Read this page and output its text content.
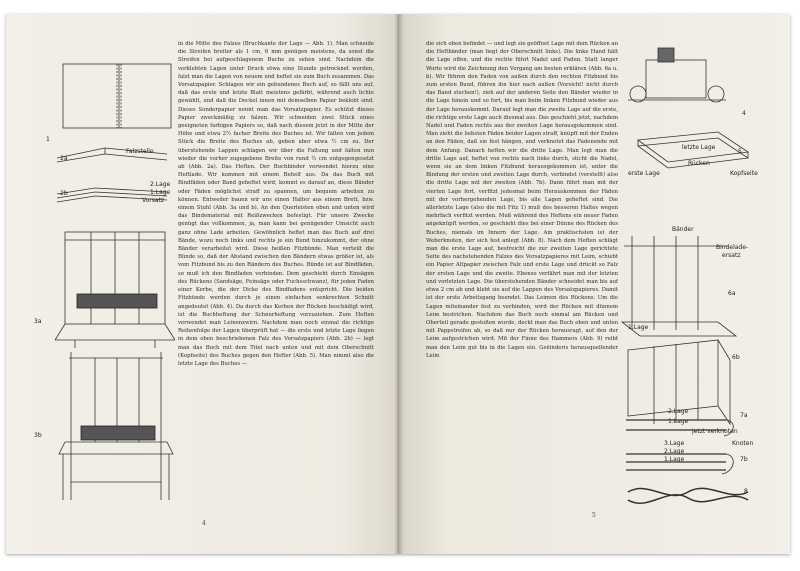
in die Mitte des Falzes (Bruchkante der Lage — Abb. 1). Man schneide die Streifen breiter als 1 cm, 6 mm genügen meistens, da sonst die Streifen bei aufgeschlagenem Buche zu sehen sind. Nachdem die verklebten Lagen unter Druck etwa eine Stunde getrocknet werden, falzt man die Lagen von neuem und heftet sie zum Buch zusammen. Das Vorsatzpapier. Schlagen wir ein gebundenes Buch auf, so fällt uns auf, daß das erste und letzte Blatt meistens gefärbt, während auch lichte gewählt, und daß die Deckel innen mit demselben Papier beklebt sind. Dieses Sonderpapier nennt man das Vorsatzpapier. Es schützt dieses Papier zweckmäßig zu falzen. Wir schneiden zwei Stück eines geeigneten farbigen Papiers so, daß nach diesem jetzt in der Mitte der Höhe und etwa 2½ facher Breite des Buches ist. Wir falten von jedem Stück die Breite des Buches ab, geben aber etwa ½ cm zu. Der überstehende Lappen schlagen wir über die Faltung und falten nun wieder die vorher zugegebene Breite von rund ½ cm entgegengesetzt ab (Abb. 2a). Das Heften. Der Buchbinder verwendet hierzu eine Heftlade. Wir kommen mit einem Behelf aus. Da das Buch mit Bindfäden oder Band geheftet wird, kommt es darauf an, diese Bänder oder Fäden möglichst straff zu spannen, um bequem arbeiten zu können. Entweder bauen wir uns einen Halter aus einem Brett, bzw. einem Stuhl (Abb. 3a und b). An den Querleisten oben und unten wird das Bindematerial mit Reißzwecken befestigt. Für unsere Zwecke genügt das vollkommen, ja, man kann bei genügender Umsicht auch ganz ohne Lade arbeiten. Gewöhnlich heftet man das Buch auf drei Bände, wozu noch links und rechts je ein Bund hinzukommt, der ohne Bänder verarbeitet wird. Diese heißen Fitzbünde. Man verteilt die Bünde so, daß der Abstand zwischen den Bändern etwas größer ist, als vom Fitzbund bis zu den Rändern des Buches. Bünde ist auf Bindfäden, so muß ich den Bindfaden verbinden. Dem geschieht durch Einsägen des Rückens (Sandsäge, Feinsäge oder Fuchsschwanz), für jeden Faden einer Kerbe, die der Dicke des Bindfadens entspricht. Die beiden Fitzbünde werden durch je einen einfachen senkrechten Schnitt angedeutet (Abb. 4). Da durch das Kerben der Rücken beschädigt wird, ist die Buchheftung der Schnurheftung vorzuziehen. Zum Heften verwendet man Leinenzwirn. Nachdem man noch einmal die richtige Reihenfolge der Lagen überprüft hat — die erste und letzte Lage liegen in dem oben beschriebenen Falz des Vorsatzpapiers (Abb. 2b) — legt man das Buch mit dem Titel nach unten und mit dem Oberschnitt (Kopfseite) des Buches gegen den Hefter (Abb. 5). Man nimmt also die letzte Lage des Buches —

4
1
2a
Falzstelle
2b
2.Lage
1.Lage
Vorsatz
3a
3b

die sich oben befindet — und legt sie geöffnet Lage mit dem Rücken an die Heftbänder (man liegt der Oberschnitt links). Die linke Hand hält die Lage offen, und die rechte führt Nadel und Faden. Statt langer Worte wird die Zeichnung den Vorgang am besten erklären (Abb. 6a u. b). Wir führen den Faden von außen durch den rechten Fitzbund bis zum ersten Bund, führen ihn hier nach außen (Vorsicht! nicht durch das Band stechen!), zieh auf der anderen Seite den Bänder wieder in die Lage hinein und so fort, bis man beim linken Fitzbund wieder aus der Lage herauskommt. Darauf legt man die zweite Lage auf die erste, die richtige erste Lage auch diesmal aus. Das geschieht jetzt, nachdem Nadel und Faden rechts aus der zweiten Lage herausgekommen sind. Man zieht die liebsten Fäden beider Lagen straff, knüpft mit der Enden an den Fäden, daß sie fest hängen, und verknotet das Fadenende mit dem Anfang. Danach heften wir die dritte Lage. Man legt man die dritte Lage auf, heftet von rechts nach links durch, sticht die Nadel, wenn sie an dem linken Fitzbund herausgekommen ist, unter die Bindung der ersten und zweiten Lage durch, verbindet (verstellt) also die dritte Lage mit der zweiten (Abb. 7b). Dann führt man mit der vierten Lage fort, verfitzt jedesmal beim Herauskommen der Fäden mit der vorhergehenden Lage, bis alle Lagen geheftet sind. Die allerletzte Lage (also die mit Fitz 1) muß des besseren Haltes wegen mehrfach verfitzt werden. Muß während des Heftens ein neuer Faden angeknüpft werden, so geschieht dies bei einer Dünne des Rücken des Buches, niemals im Innern der Lage. Am praktischsten ist der Weberknoten, der sich fest anlegt (Abb. 8). Nach dem Heften schlägt man die erste Lage auf, bestreicht die zur zweiten Lage gerichtete Seite des nachstehenden Falzes des Vorsatzpapieres mit Leim, schiebt ein Papier Altpapier zwischen Falz und erste Lage und drückt so Falz der ersten Lage und die zweite. Ebenso verfährt man mit der letzten und vorletzten Lage. Die überstehenden Bänder schneidet man bis auf etwa 2 cm ab und klebt sie auf die Lappen des Vorsatzpapieres. Damit ist der erste Arbeitsgang beendet. Das Leimen des Rückens. Um die Lagen miteinander fest zu verbinden, wird der Rücken mit dünnem Leim bestrichen. Nachdem das Buch noch einmal am Rücken und Oberteil gerade gestoßen wurde, deckt man das Buch oben und unten mit Pappstreifen ab, so daß nur der Rücken herausragt, auf den der Leim aufgestrichen wird. Mit der Finne des Hammers (Abb. 9) reibt man den Leim gut bis in die Lagen ein. Geëinderis herausquellender Leim

5
4
5
letzte Lage
Rücken
erste Lage	Kopfseite
Bänder
Bindelade-
ersatz
1.Lage
6a
6b
2.Lage
1.Lage
jetzt verknoten
7a
3.Lage
2.Lage
1.Lage
Knoten
7b
8
